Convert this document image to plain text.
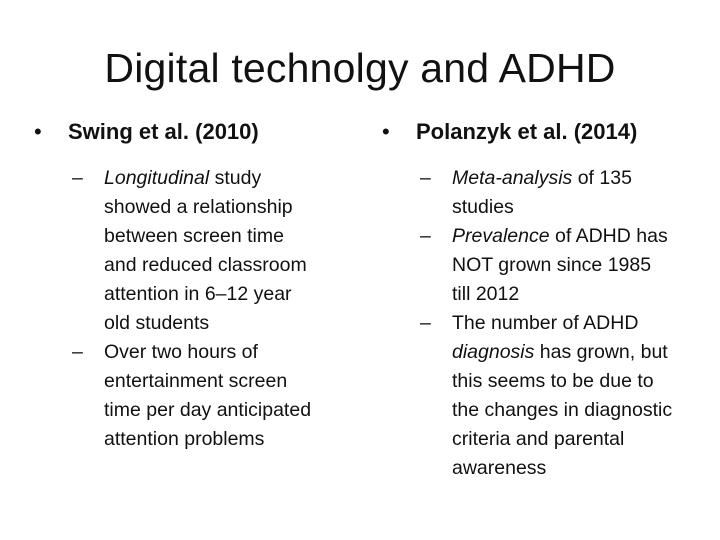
Digital technolgy and ADHD
•	Swing et al. (2010)
–	Longitudinal study
showed a relationship
between screen time
and reduced classroom
attention in 6‒12 year
old students
–	Over two hours of
entertainment screen
time per day anticipated
attention problems
•	Polanzyk et al. (2014)
–	Meta-analysis of 135
studies
–	Prevalence of ADHD has
NOT grown since 1985
till 2012
–	The number of ADHD
diagnosis has grown, but
this seems to be due to
the changes in diagnostic
criteria and parental
awareness
